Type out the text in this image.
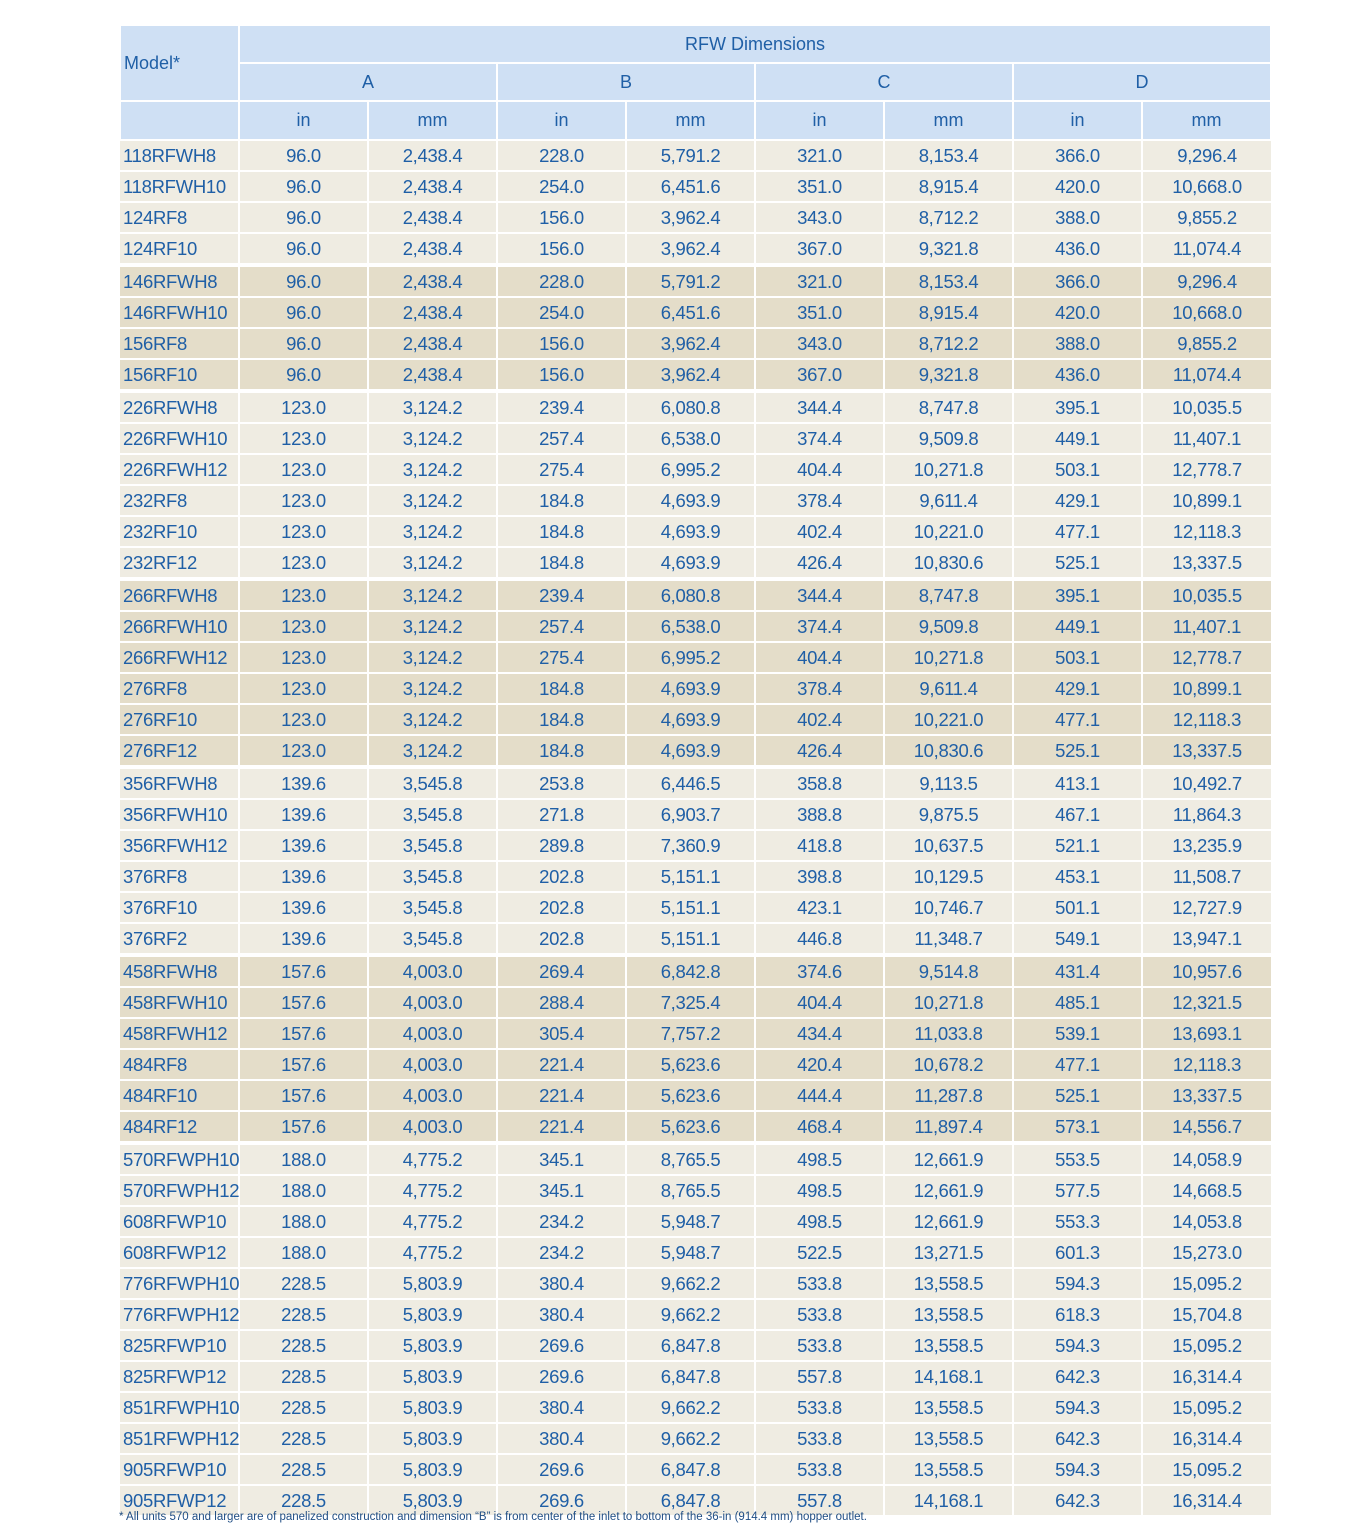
Model*	RFW Dimensions							
	A		B		C		D	
	in	mm	in	mm	in	mm	in	mm
118RFWH8	96.0	2,438.4	228.0	5,791.2	321.0	8,153.4	366.0	9,296.4
118RFWH10	96.0	2,438.4	254.0	6,451.6	351.0	8,915.4	420.0	10,668.0
124RF8	96.0	2,438.4	156.0	3,962.4	343.0	8,712.2	388.0	9,855.2
124RF10	96.0	2,438.4	156.0	3,962.4	367.0	9,321.8	436.0	11,074.4
146RFWH8	96.0	2,438.4	228.0	5,791.2	321.0	8,153.4	366.0	9,296.4
146RFWH10	96.0	2,438.4	254.0	6,451.6	351.0	8,915.4	420.0	10,668.0
156RF8	96.0	2,438.4	156.0	3,962.4	343.0	8,712.2	388.0	9,855.2
156RF10	96.0	2,438.4	156.0	3,962.4	367.0	9,321.8	436.0	11,074.4
226RFWH8	123.0	3,124.2	239.4	6,080.8	344.4	8,747.8	395.1	10,035.5
226RFWH10	123.0	3,124.2	257.4	6,538.0	374.4	9,509.8	449.1	11,407.1
226RFWH12	123.0	3,124.2	275.4	6,995.2	404.4	10,271.8	503.1	12,778.7
232RF8	123.0	3,124.2	184.8	4,693.9	378.4	9,611.4	429.1	10,899.1
232RF10	123.0	3,124.2	184.8	4,693.9	402.4	10,221.0	477.1	12,118.3
232RF12	123.0	3,124.2	184.8	4,693.9	426.4	10,830.6	525.1	13,337.5
266RFWH8	123.0	3,124.2	239.4	6,080.8	344.4	8,747.8	395.1	10,035.5
266RFWH10	123.0	3,124.2	257.4	6,538.0	374.4	9,509.8	449.1	11,407.1
266RFWH12	123.0	3,124.2	275.4	6,995.2	404.4	10,271.8	503.1	12,778.7
276RF8	123.0	3,124.2	184.8	4,693.9	378.4	9,611.4	429.1	10,899.1
276RF10	123.0	3,124.2	184.8	4,693.9	402.4	10,221.0	477.1	12,118.3
276RF12	123.0	3,124.2	184.8	4,693.9	426.4	10,830.6	525.1	13,337.5
356RFWH8	139.6	3,545.8	253.8	6,446.5	358.8	9,113.5	413.1	10,492.7
356RFWH10	139.6	3,545.8	271.8	6,903.7	388.8	9,875.5	467.1	11,864.3
356RFWH12	139.6	3,545.8	289.8	7,360.9	418.8	10,637.5	521.1	13,235.9
376RF8	139.6	3,545.8	202.8	5,151.1	398.8	10,129.5	453.1	11,508.7
376RF10	139.6	3,545.8	202.8	5,151.1	423.1	10,746.7	501.1	12,727.9
376RF2	139.6	3,545.8	202.8	5,151.1	446.8	11,348.7	549.1	13,947.1
458RFWH8	157.6	4,003.0	269.4	6,842.8	374.6	9,514.8	431.4	10,957.6
458RFWH10	157.6	4,003.0	288.4	7,325.4	404.4	10,271.8	485.1	12,321.5
458RFWH12	157.6	4,003.0	305.4	7,757.2	434.4	11,033.8	539.1	13,693.1
484RF8	157.6	4,003.0	221.4	5,623.6	420.4	10,678.2	477.1	12,118.3
484RF10	157.6	4,003.0	221.4	5,623.6	444.4	11,287.8	525.1	13,337.5
484RF12	157.6	4,003.0	221.4	5,623.6	468.4	11,897.4	573.1	14,556.7
570RFWPH10	188.0	4,775.2	345.1	8,765.5	498.5	12,661.9	553.5	14,058.9
570RFWPH12	188.0	4,775.2	345.1	8,765.5	498.5	12,661.9	577.5	14,668.5
608RFWP10	188.0	4,775.2	234.2	5,948.7	498.5	12,661.9	553.3	14,053.8
608RFWP12	188.0	4,775.2	234.2	5,948.7	522.5	13,271.5	601.3	15,273.0
776RFWPH10	228.5	5,803.9	380.4	9,662.2	533.8	13,558.5	594.3	15,095.2
776RFWPH12	228.5	5,803.9	380.4	9,662.2	533.8	13,558.5	618.3	15,704.8
825RFWP10	228.5	5,803.9	269.6	6,847.8	533.8	13,558.5	594.3	15,095.2
825RFWP12	228.5	5,803.9	269.6	6,847.8	557.8	14,168.1	642.3	16,314.4
851RFWPH10	228.5	5,803.9	380.4	9,662.2	533.8	13,558.5	594.3	15,095.2
851RFWPH12	228.5	5,803.9	380.4	9,662.2	533.8	13,558.5	642.3	16,314.4
905RFWP10	228.5	5,803.9	269.6	6,847.8	533.8	13,558.5	594.3	15,095.2
905RFWP12	228.5	5,803.9	269.6	6,847.8	557.8	14,168.1	642.3	16,314.4
* All units 570 and larger are of panelized construction and dimension “B” is from center of the inlet to bottom of the 36-in (914.4 mm) hopper outlet.
